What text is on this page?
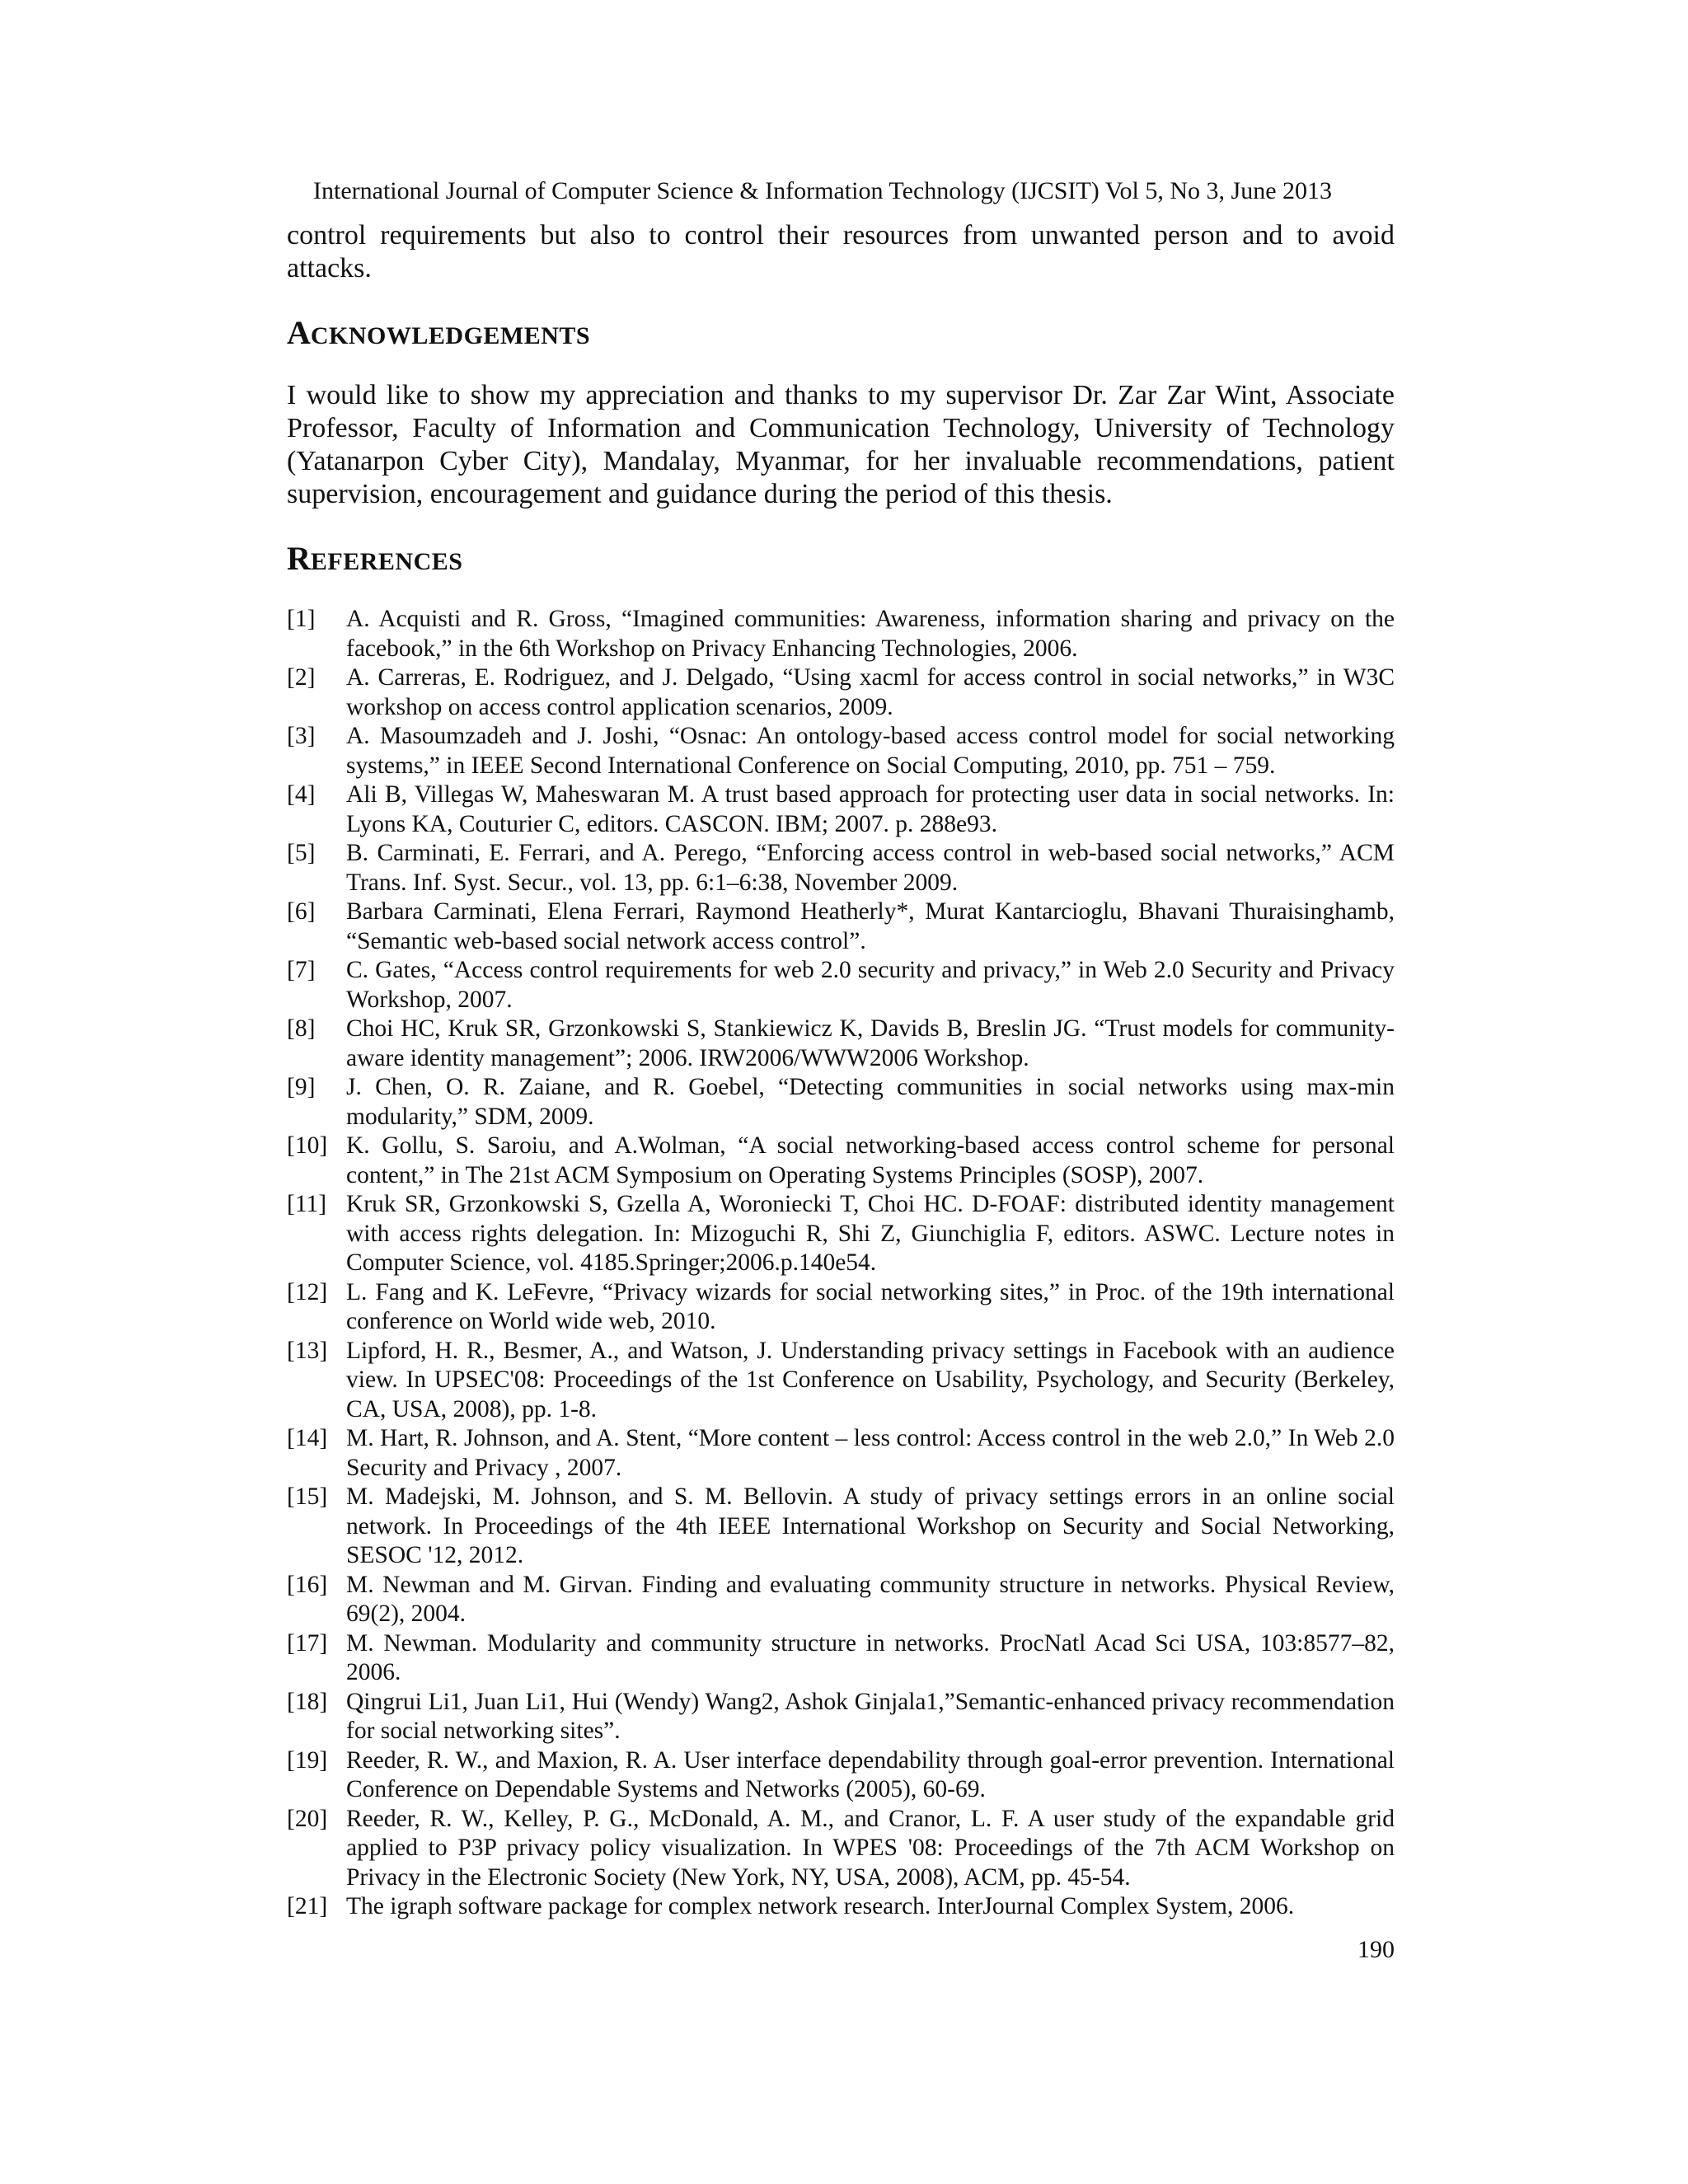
International Journal of Computer Science & Information Technology (IJCSIT) Vol 5, No 3, June 2013

control requirements but also to control their resources from unwanted person and to avoid attacks.

ACKNOWLEDGEMENTS

I would like to show my appreciation and thanks to my supervisor Dr. Zar Zar Wint, Associate Professor, Faculty of Information and Communication Technology, University of Technology (Yatanarpon Cyber City), Mandalay, Myanmar, for her invaluable recommendations, patient supervision, encouragement and guidance during the period of this thesis.

REFERENCES
[1]	A. Acquisti and R. Gross, “Imagined communities: Awareness, information sharing and privacy on the facebook,” in the 6th Workshop on Privacy Enhancing Technologies, 2006.
[2]	A. Carreras, E. Rodriguez, and J. Delgado, “Using xacml for access control in social networks,” in W3C workshop on access control application scenarios, 2009.
[3]	A. Masoumzadeh and J. Joshi, “Osnac: An ontology-based access control model for social networking systems,” in IEEE Second International Conference on Social Computing, 2010, pp. 751 – 759.
[4]	Ali B, Villegas W, Maheswaran M. A trust based approach for protecting user data in social networks. In: Lyons KA, Couturier C, editors. CASCON. IBM; 2007. p. 288e93.
[5]	B. Carminati, E. Ferrari, and A. Perego, “Enforcing access control in web-based social networks,” ACM Trans. Inf. Syst. Secur., vol. 13, pp. 6:1–6:38, November 2009.
[6]	Barbara Carminati, Elena Ferrari, Raymond Heatherly*, Murat Kantarcioglu, Bhavani Thuraisinghamb, “Semantic web-based social network access control”.
[7]	C. Gates, “Access control requirements for web 2.0 security and privacy,” in Web 2.0 Security and Privacy Workshop, 2007.
[8]	Choi HC, Kruk SR, Grzonkowski S, Stankiewicz K, Davids B, Breslin JG. “Trust models for community-aware identity management”; 2006. IRW2006/WWW2006 Workshop.
[9]	J. Chen, O. R. Zaiane, and R. Goebel, “Detecting communities in social networks using max-min modularity,” SDM, 2009.
[10] K. Gollu, S. Saroiu, and A.Wolman, “A social networking-based access control scheme for personal content,” in The 21st ACM Symposium on Operating Systems Principles (SOSP), 2007.
[11] Kruk SR, Grzonkowski S, Gzella A, Woroniecki T, Choi HC. D-FOAF: distributed identity management with access rights delegation. In: Mizoguchi R, Shi Z, Giunchiglia F, editors. ASWC. Lecture notes in Computer Science, vol. 4185.Springer;2006.p.140e54.
[12] L. Fang and K. LeFevre, “Privacy wizards for social networking sites,” in Proc. of the 19th international conference on World wide web, 2010.
[13] Lipford, H. R., Besmer, A., and Watson, J. Understanding privacy settings in Facebook with an audience view. In UPSEC'08: Proceedings of the 1st Conference on Usability, Psychology, and Security (Berkeley, CA, USA, 2008), pp. 1-8.
[14] M. Hart, R. Johnson, and A. Stent, “More content – less control: Access control in the web 2.0,” In Web 2.0 Security and Privacy , 2007.
[15] M. Madejski, M. Johnson, and S. M. Bellovin. A study of privacy settings errors in an online social network. In Proceedings of the 4th IEEE International Workshop on Security and Social Networking, SESOC '12, 2012.
[16] M. Newman and M. Girvan. Finding and evaluating community structure in networks. Physical Review, 69(2), 2004.
[17] M. Newman. Modularity and community structure in networks. ProcNatl Acad Sci USA, 103:8577–82, 2006.
[18] Qingrui Li1, Juan Li1, Hui (Wendy) Wang2, Ashok Ginjala1,”Semantic-enhanced privacy recommendation for social networking sites”.
[19] Reeder, R. W., and Maxion, R. A. User interface dependability through goal-error prevention. International Conference on Dependable Systems and Networks (2005), 60-69.
[20] Reeder, R. W., Kelley, P. G., McDonald, A. M., and Cranor, L. F. A user study of the expandable grid applied to P3P privacy policy visualization. In WPES '08: Proceedings of the 7th ACM Workshop on Privacy in the Electronic Society (New York, NY, USA, 2008), ACM, pp. 45-54.
[21] The igraph software package for complex network research. InterJournal Complex System, 2006.
190
